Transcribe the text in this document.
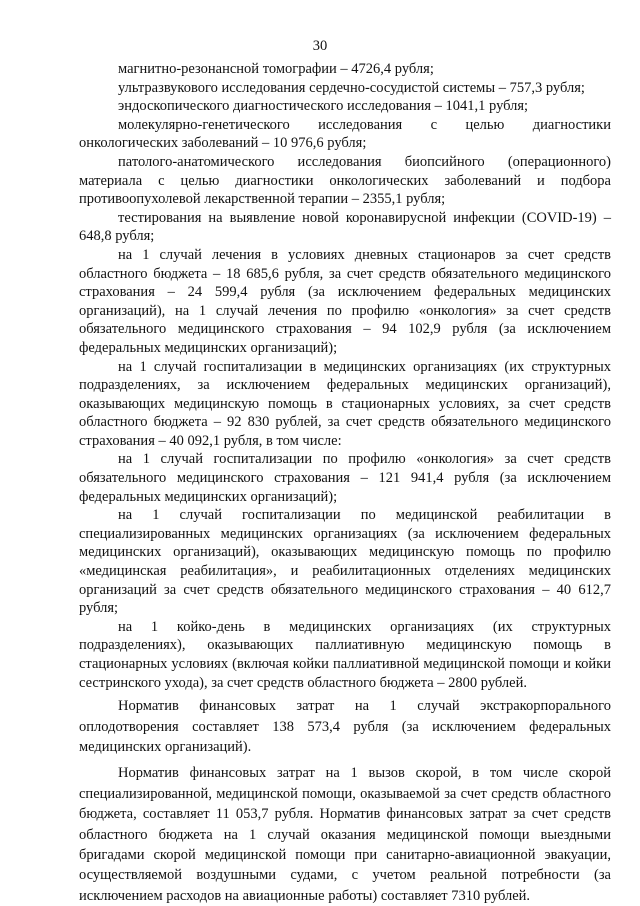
30

магнитно-резонансной томографии – 4726,4 рубля;

ультразвукового исследования сердечно-сосудистой системы – 757,3 рубля;

эндоскопического диагностического исследования – 1041,1 рубля;

молекулярно-генетического исследования с целью диагностики онкологических заболеваний – 10 976,6 рубля;

патолого-анатомического исследования биопсийного (операционного) материала с целью диагностики онкологических заболеваний и подбора противоопухолевой лекарственной терапии – 2355,1 рубля;

тестирования на выявление новой коронавирусной инфекции (COVID-19) – 648,8 рубля;

на 1 случай лечения в условиях дневных стационаров за счет средств областного бюджета – 18 685,6 рубля, за счет средств обязательного медицинского страхования – 24 599,4 рубля (за исключением федеральных медицинских организаций), на 1 случай лечения по профилю «онкология» за счет средств обязательного медицинского страхования – 94 102,9 рубля (за исключением федеральных медицинских организаций);

на 1 случай госпитализации в медицинских организациях (их структурных подразделениях, за исключением федеральных медицинских организаций), оказывающих медицинскую помощь в стационарных условиях, за счет средств областного бюджета – 92 830 рублей, за счет средств обязательного медицинского страхования – 40 092,1 рубля, в том числе:

на 1 случай госпитализации по профилю «онкология» за счет средств обязательного медицинского страхования – 121 941,4 рубля (за исключением федеральных медицинских организаций);

на 1 случай госпитализации по медицинской реабилитации в специализированных медицинских организациях (за исключением федеральных медицинских организаций), оказывающих медицинскую помощь по профилю «медицинская реабилитация», и реабилитационных отделениях медицинских организаций за счет средств обязательного медицинского страхования – 40 612,7 рубля;

на 1 койко-день в медицинских организациях (их структурных подразделениях), оказывающих паллиативную медицинскую помощь в стационарных условиях (включая койки паллиативной медицинской помощи и койки сестринского ухода), за счет средств областного бюджета – 2800 рублей.

Норматив финансовых затрат на 1 случай экстракорпорального оплодотворения составляет 138 573,4 рубля (за исключением федеральных медицинских организаций).

Норматив финансовых затрат на 1 вызов скорой, в том числе скорой специализированной, медицинской помощи, оказываемой за счет средств областного бюджета, составляет 11 053,7 рубля. Норматив финансовых затрат за счет средств областного бюджета на 1 случай оказания медицинской помощи выездными бригадами скорой медицинской помощи при санитарно-авиационной эвакуации, осуществляемой воздушными судами, с учетом реальной потребности (за исключением расходов на авиационные работы) составляет 7310 рублей.
